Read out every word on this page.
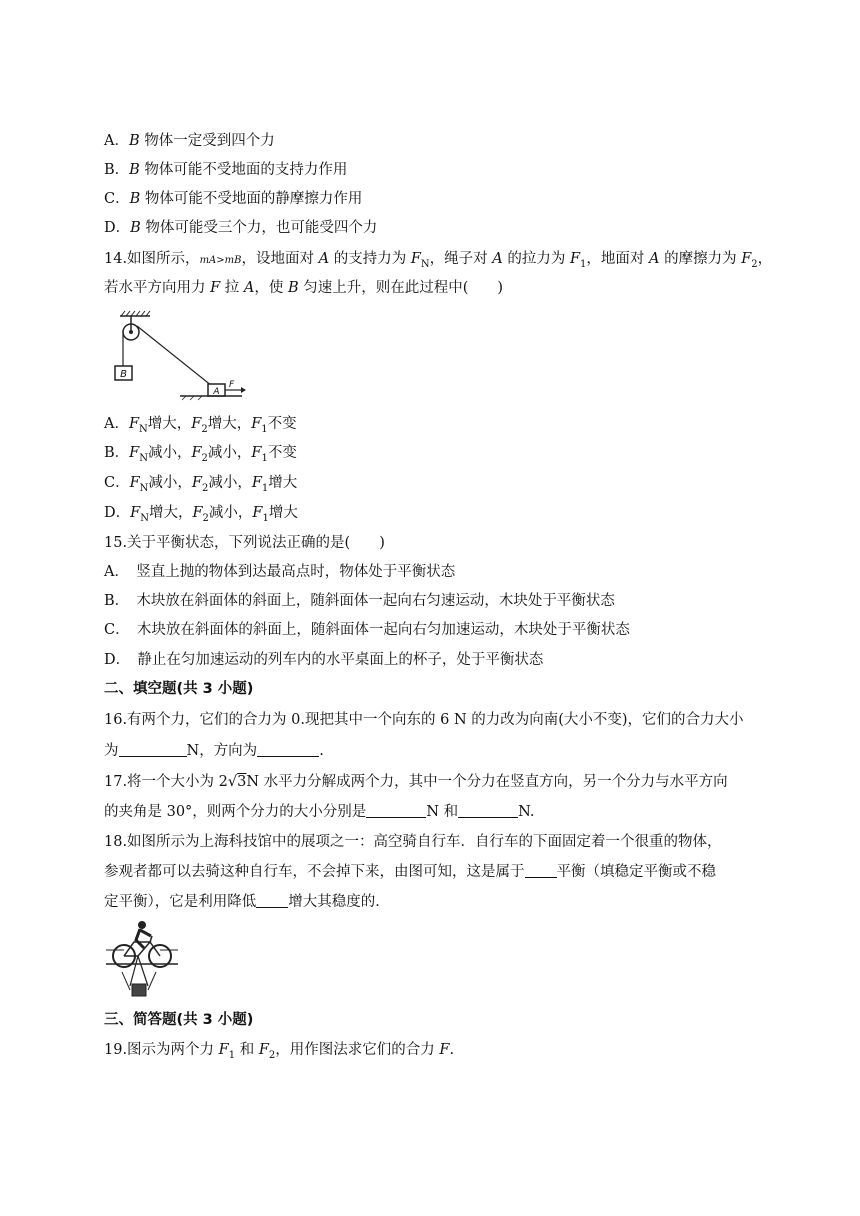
A．B 物体一定受到四个力
B．B 物体可能不受地面的支持力作用
C．B 物体可能不受地面的静摩擦力作用
D．B 物体可能受三个力，也可能受四个力
14.如图所示，mA>mB，设地面对 A 的支持力为 $F_N$，绳子对 A 的拉力为 $F_1$，地面对 A 的摩擦力为 $F_2$，
若水平方向用力 F 拉 A，使 B 匀速上升，则在此过程中(　　)
B
A
F
A．$F_N$增大，$F_2$增大，$F_1$不变
B．$F_N$减小，$F_2$减小，$F_1$不变
C．$F_N$减小，$F_2$减小，$F_1$增大
D．$F_N$增大，$F_2$减小，$F_1$增大
15.关于平衡状态，下列说法正确的是(　　)
A．　竖直上抛的物体到达最高点时，物体处于平衡状态
B．　木块放在斜面体的斜面上，随斜面体一起向右匀速运动，木块处于平衡状态
C．　木块放在斜面体的斜面上，随斜面体一起向右匀加速运动，木块处于平衡状态
D．　静止在匀加速运动的列车内的水平桌面上的杯子，处于平衡状态
二、填空题(共 3 小题)
16.有两个力，它们的合力为 0.现把其中一个向东的 6 N 的力改为向南(大小不变)，它们的合力大小
为	N，方向为	.
17.将一个大小为 2√3N 水平力分解成两个力，其中一个分力在竖直方向，另一个分力与水平方向
的夹角是 30°，则两个分力的大小分别是	N 和	N.
18.如图所示为上海科技馆中的展项之一：高空骑自行车．自行车的下面固定着一个很重的物体，
参观者都可以去骑这种自行车，不会掉下来，由图可知，这是属于 平衡（填稳定平衡或不稳
定平衡），它是利用降低 增大其稳度的．
三、简答题(共 3 小题)
19.图示为两个力 $F_1$ 和 $F_2$，用作图法求它们的合力 F.
